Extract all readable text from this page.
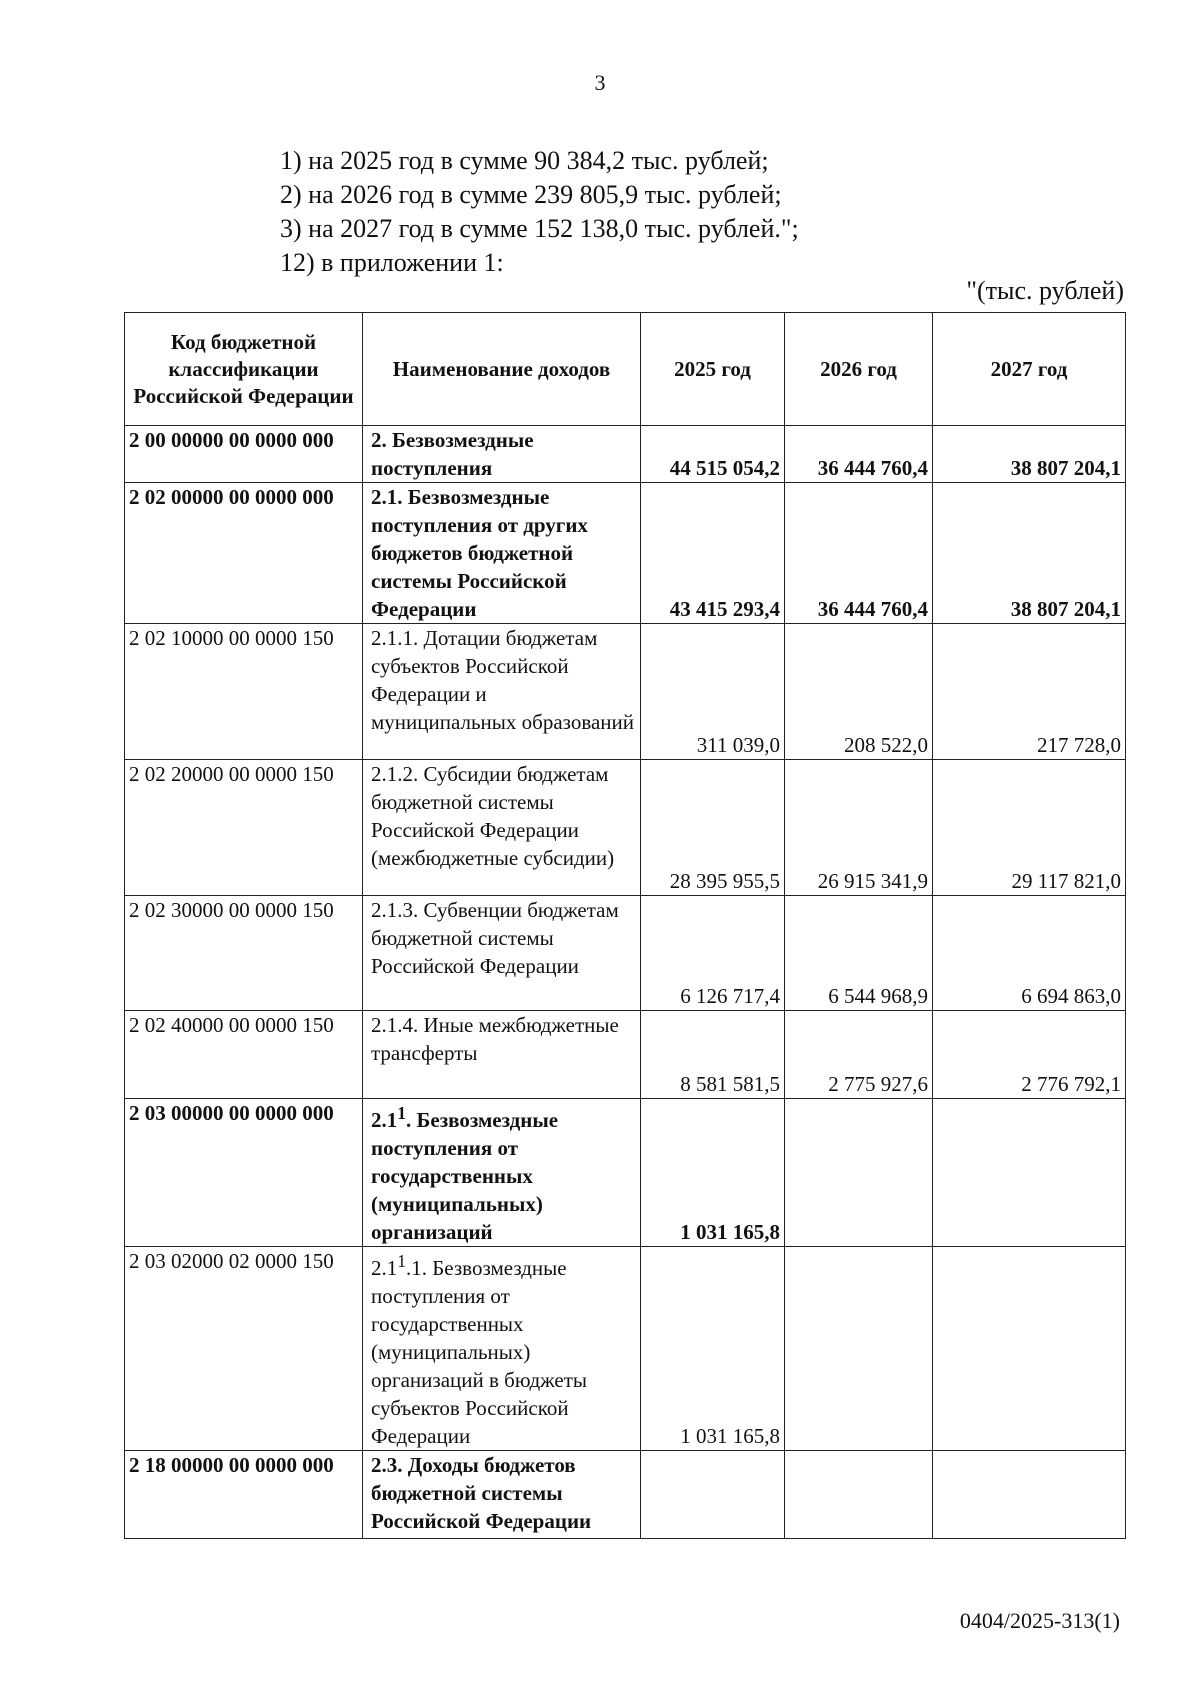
3
1) на 2025 год в сумме 90 384,2 тыс. рублей;
2) на 2026 год в сумме 239 805,9 тыс. рублей;
3) на 2027 год в сумме 152 138,0 тыс. рублей.";
12) в приложении 1:
"(тыс. рублей)
Код бюджетной классификации Российской Федерации	Наименование доходов	2025 год	2026 год	2027 год
2 00 00000 00 0000 000	2. Безвозмездные поступления	44 515 054,2	36 444 760,4	38 807 204,1
2 02 00000 00 0000 000	2.1. Безвозмездные поступления от других бюджетов бюджетной системы Российской Федерации	43 415 293,4	36 444 760,4	38 807 204,1
2 02 10000 00 0000 150	2.1.1. Дотации бюджетам субъектов Российской Федерации и муниципальных образований	311 039,0	208 522,0	217 728,0
2 02 20000 00 0000 150	2.1.2. Субсидии бюджетам бюджетной системы Российской Федерации (межбюджетные субсидии)	28 395 955,5	26 915 341,9	29 117 821,0
2 02 30000 00 0000 150	2.1.3. Субвенции бюджетам бюджетной системы Российской Федерации	6 126 717,4	6 544 968,9	6 694 863,0
2 02 40000 00 0000 150	2.1.4. Иные межбюджетные трансферты	8 581 581,5	2 775 927,6	2 776 792,1
2 03 00000 00 0000 000	$2.1^1$. Безвозмездные поступления от государственных (муниципальных) организаций	1 031 165,8		
2 03 02000 02 0000 150	$2.1^1.1$. Безвозмездные поступления от государственных (муниципальных) организаций в бюджеты субъектов Российской Федерации	1 031 165,8		
2 18 00000 00 0000 000	2.3. Доходы бюджетов бюджетной системы Российской Федерации			
0404/2025-313(1)
